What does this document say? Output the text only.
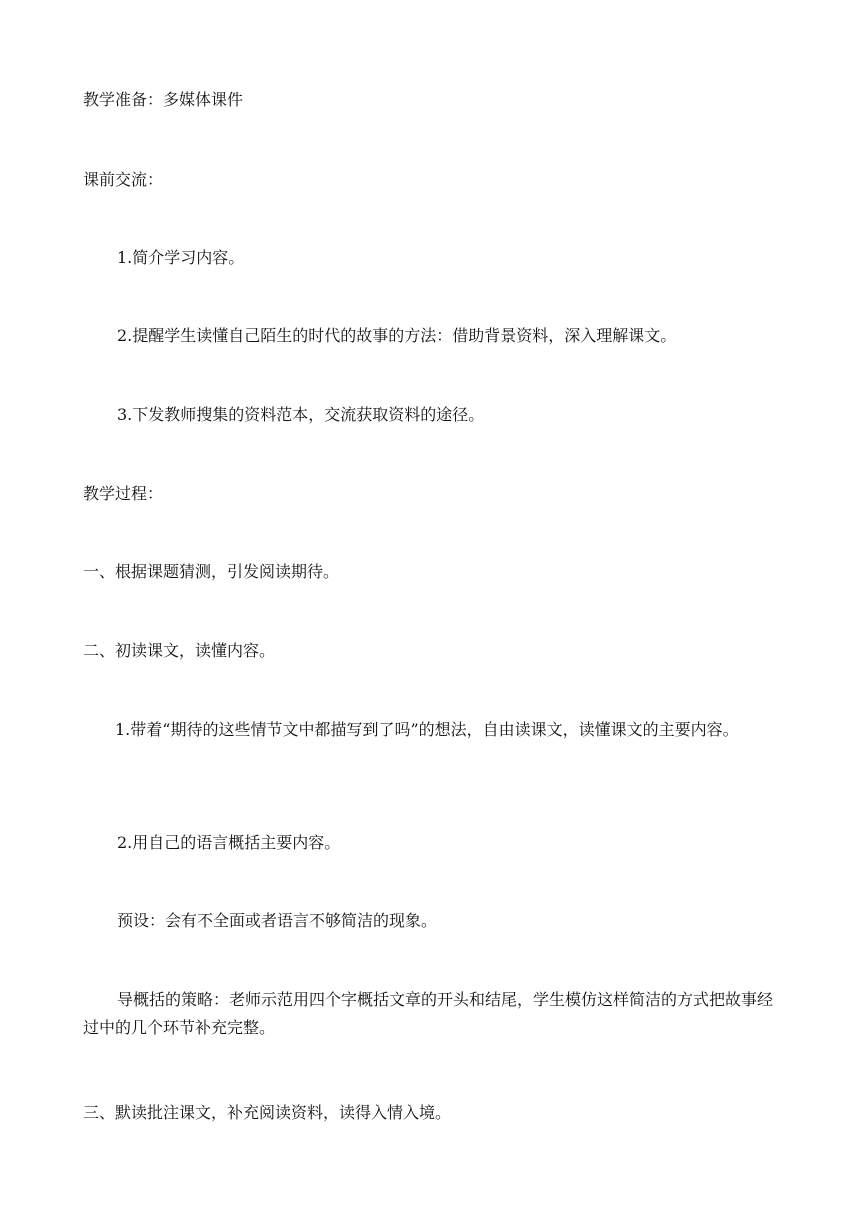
教学准备：多媒体课件

课前交流：

1.简介学习内容。

2.提醒学生读懂自己陌生的时代的故事的方法：借助背景资料，深入理解课文。

3.下发教师搜集的资料范本，交流获取资料的途径。

教学过程：

一、根据课题猜测，引发阅读期待。

二、初读课文，读懂内容。

1.带着“期待的这些情节文中都描写到了吗”的想法，自由读课文，读懂课文的主要内容。

2.用自己的语言概括主要内容。

预设：会有不全面或者语言不够简洁的现象。

导概括的策略：老师示范用四个字概括文章的开头和结尾，学生模仿这样简洁的方式把故事经过中的几个环节补充完整。

三、默读批注课文，补充阅读资料，读得入情入境。
